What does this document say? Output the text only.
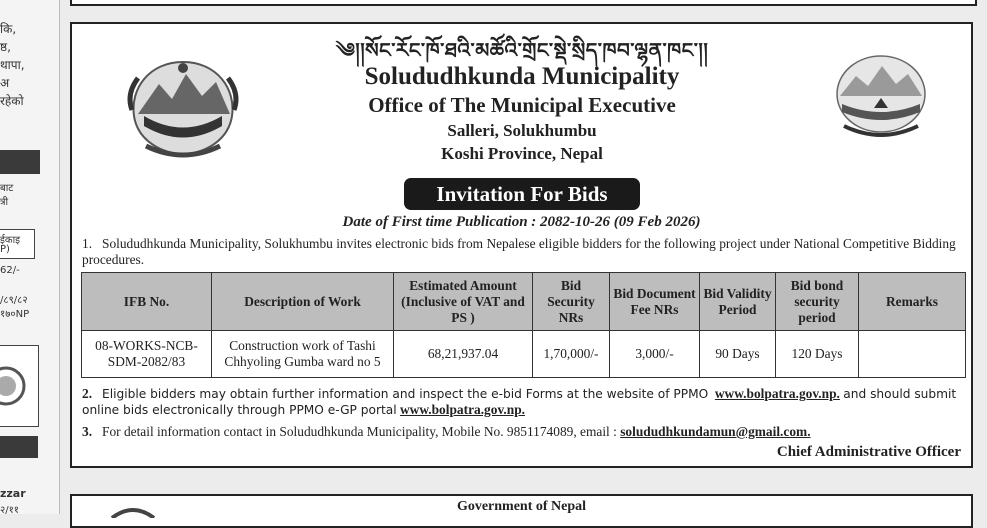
कि,
ष्ठ,
थापा,
अ
रहेको
बाट
त्री
ईकाइ
P)
62/-
/८९/८२
१७०NP
zzar
२/११
༄།།སོང་རོང་ཁོ་ཐའི་མཚོའི་གྲོང་སྡེ་སྲིད་ཁབ་ལྷན་ཁང་།།
Solududhkunda Municipality
Office of The Municipal Executive
Salleri, Solukhumbu
Koshi Province, Nepal
Invitation For Bids
Date of First time Publication : 2082-10-26 (09 Feb 2026)
1. Solududhkunda Municipality, Solukhumbu invites electronic bids from Nepalese eligible bidders for the following project under National Competitive Bidding procedures.
IFB No.	Description of Work	Estimated Amount (Inclusive of VAT and PS )	Bid Security NRs	Bid Document Fee NRs	Bid Validity Period	Bid bond security period	Remarks
08-WORKS-NCB-SDM-2082/83	Construction work of Tashi Chhyoling Gumba ward no 5	68,21,937.04	1,70,000/-	3,000/-	90 Days	120 Days	
2. Eligible bidders may obtain further information and inspect the e-bid Forms at the website of PPMO www.bolpatra.gov.np. and should submit online bids electronically through PPMO e-GP portal www.bolpatra.gov.np.
3. For detail information contact in Solududhkunda Municipality, Mobile No. 9851174089, email : solududhkundamun@gmail.com.
Chief Administrative Officer
Government of Nepal
